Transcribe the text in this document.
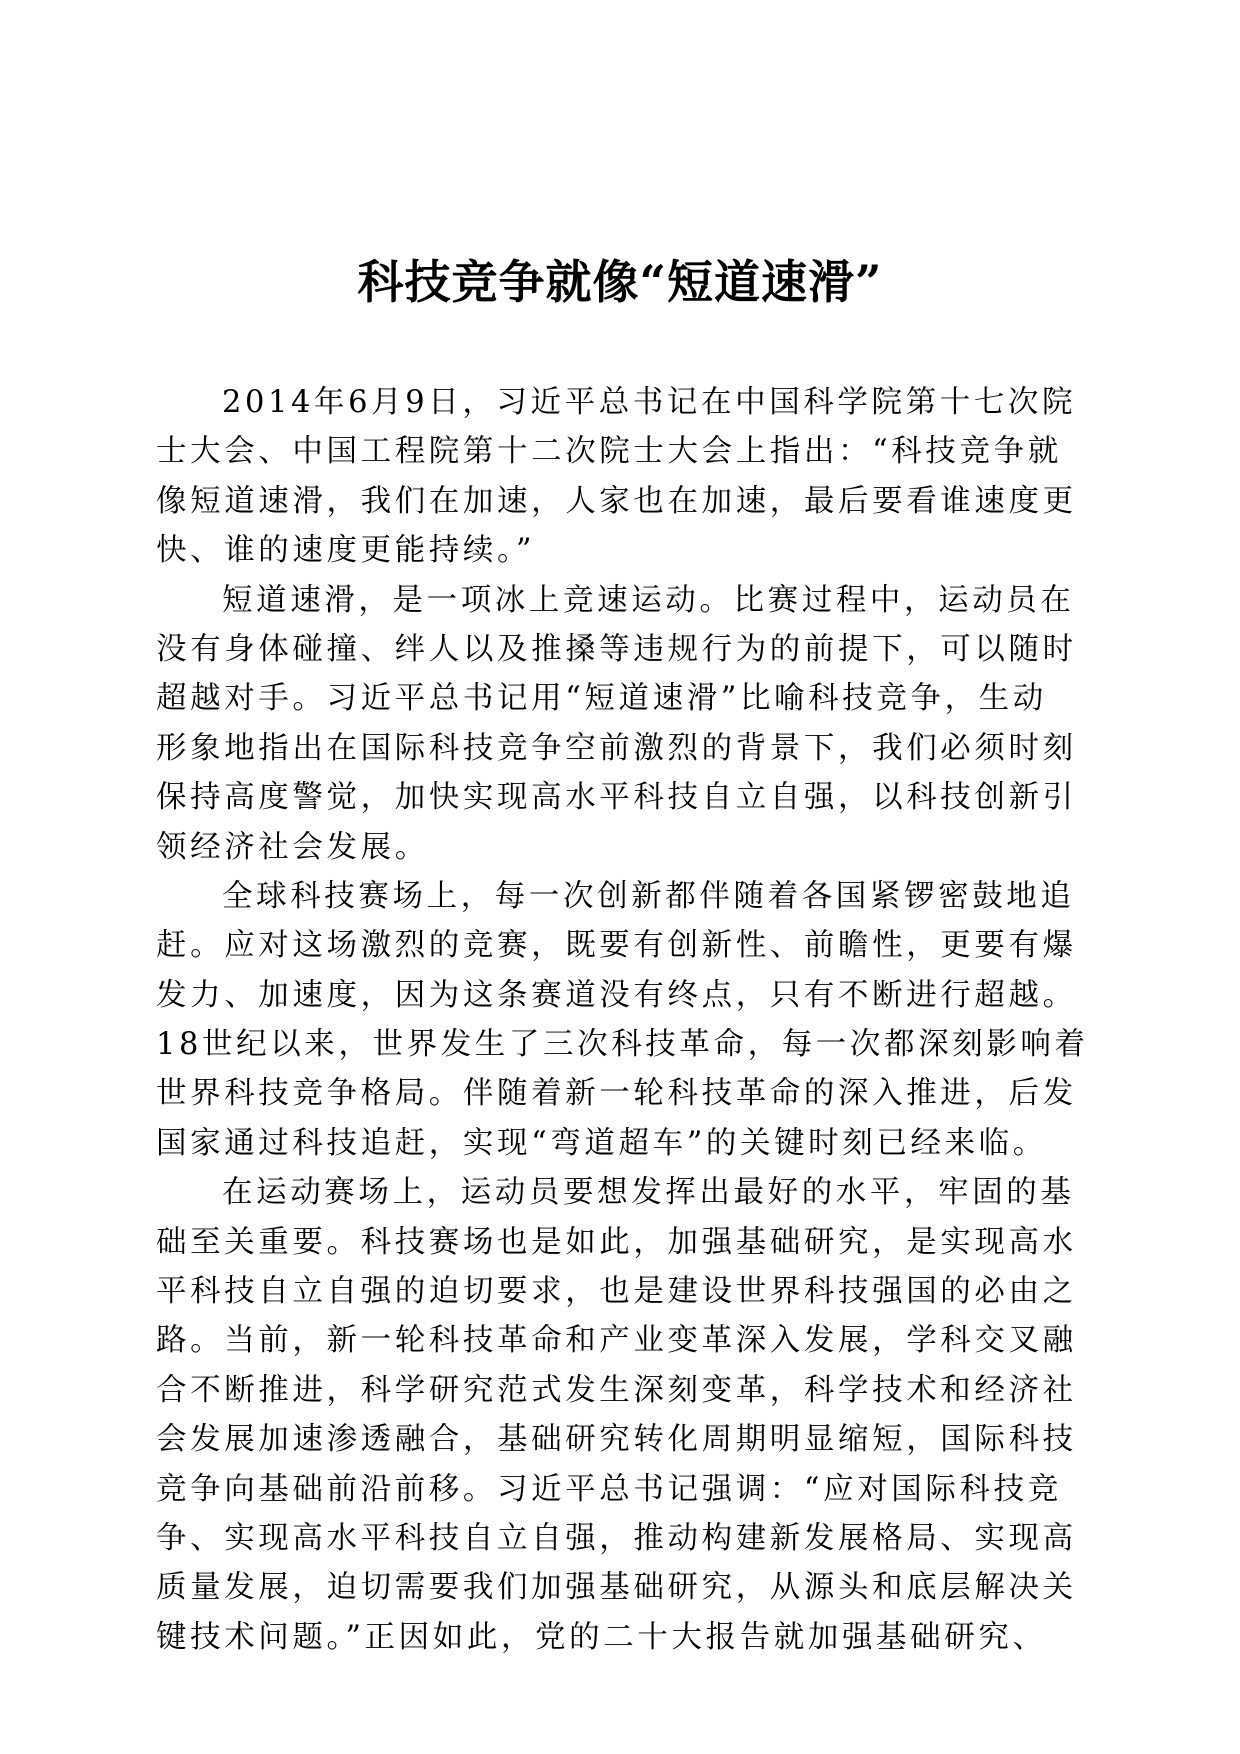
科技竞争就像“短道速滑”
2014年6月9日，习近平总书记在中国科学院第十七次院
士大会、中国工程院第十二次院士大会上指出：“科技竞争就
像短道速滑，我们在加速，人家也在加速，最后要看谁速度更
快、谁的速度更能持续。”
短道速滑，是一项冰上竞速运动。比赛过程中，运动员在
没有身体碰撞、绊人以及推搡等违规行为的前提下，可以随时
超越对手。习近平总书记用“短道速滑”比喻科技竞争，生动
形象地指出在国际科技竞争空前激烈的背景下，我们必须时刻
保持高度警觉，加快实现高水平科技自立自强，以科技创新引
领经济社会发展。
全球科技赛场上，每一次创新都伴随着各国紧锣密鼓地追
赶。应对这场激烈的竞赛，既要有创新性、前瞻性，更要有爆
发力、加速度，因为这条赛道没有终点，只有不断进行超越。
18世纪以来，世界发生了三次科技革命，每一次都深刻影响着
世界科技竞争格局。伴随着新一轮科技革命的深入推进，后发
国家通过科技追赶，实现“弯道超车”的关键时刻已经来临。
在运动赛场上，运动员要想发挥出最好的水平，牢固的基
础至关重要。科技赛场也是如此，加强基础研究，是实现高水
平科技自立自强的迫切要求，也是建设世界科技强国的必由之
路。当前，新一轮科技革命和产业变革深入发展，学科交叉融
合不断推进，科学研究范式发生深刻变革，科学技术和经济社
会发展加速渗透融合，基础研究转化周期明显缩短，国际科技
竞争向基础前沿前移。习近平总书记强调：“应对国际科技竞
争、实现高水平科技自立自强，推动构建新发展格局、实现高
质量发展，迫切需要我们加强基础研究，从源头和底层解决关
键技术问题。”正因如此，党的二十大报告就加强基础研究、
